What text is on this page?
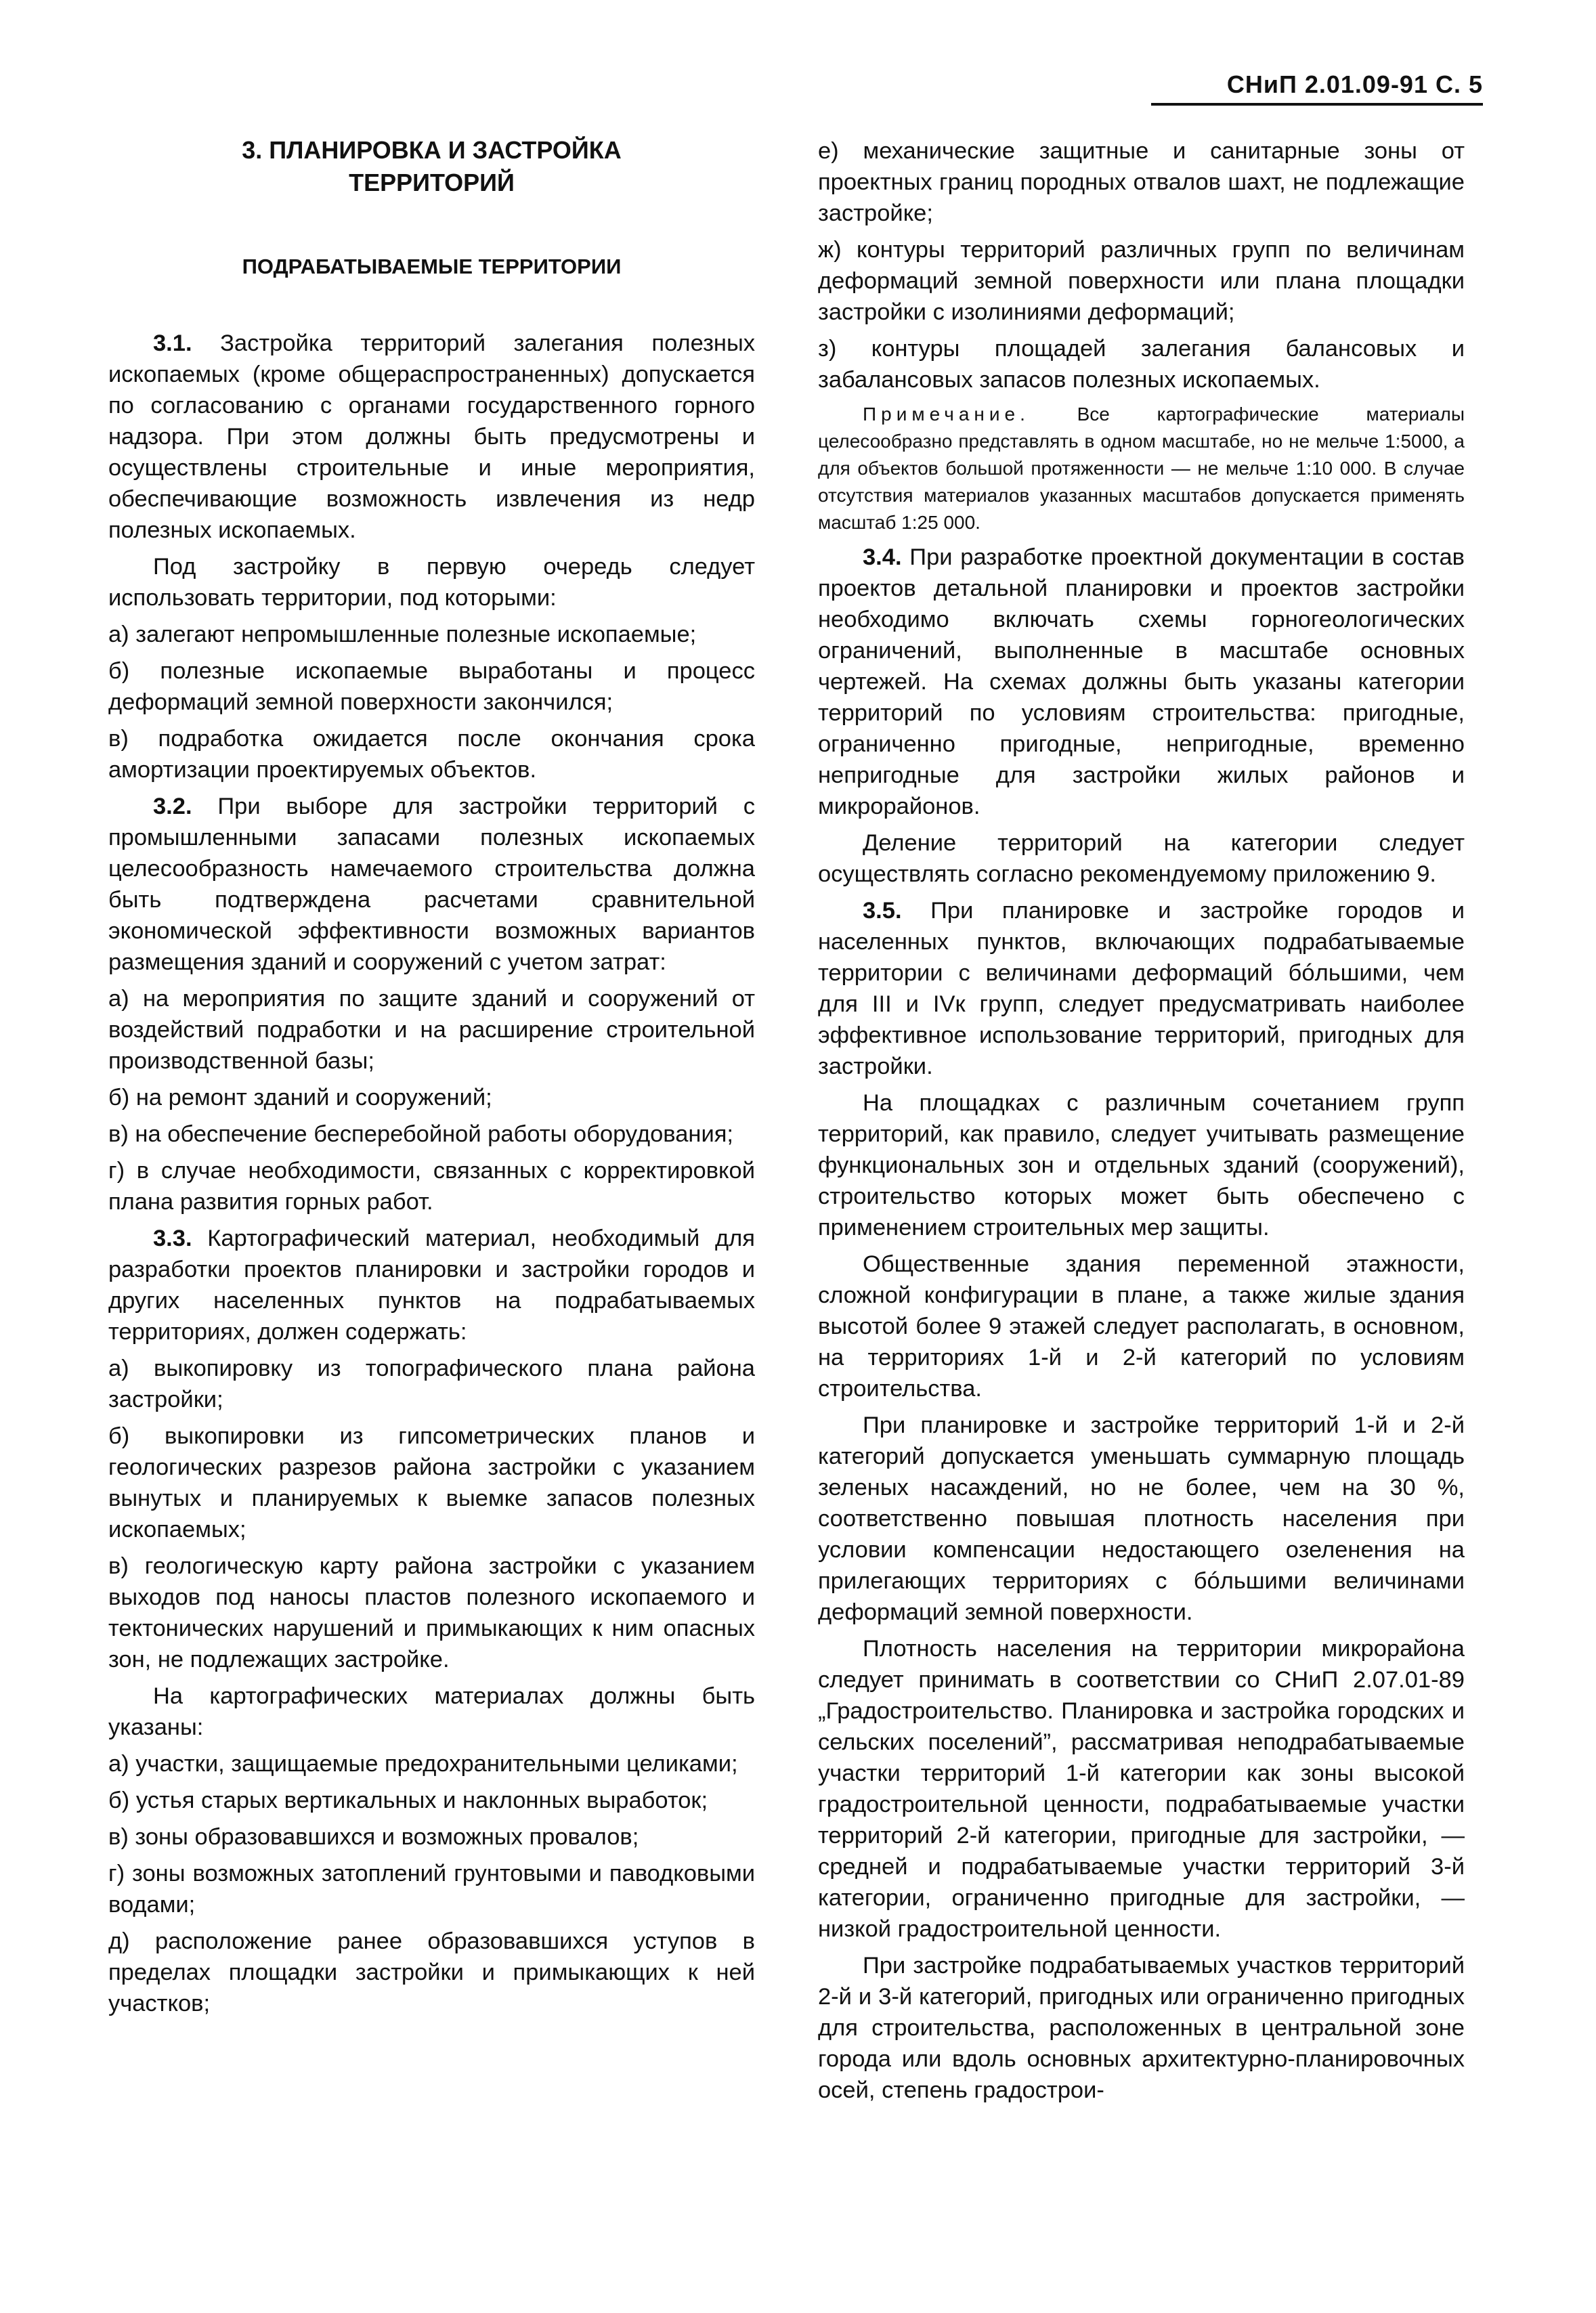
СНиП 2.01.09-91 С. 5
3. ПЛАНИРОВКА И ЗАСТРОЙКА ТЕРРИТОРИЙ
ПОДРАБАТЫВАЕМЫЕ ТЕРРИТОРИИ

3.1. Застройка территорий залегания полезных ископаемых (кроме общераспространенных) допускается по согласованию с органами государственного горного надзора. При этом должны быть предусмотрены и осуществлены строительные и иные мероприятия, обеспечивающие возможность извлечения из недр полезных ископаемых.

Под застройку в первую очередь следует использовать территории, под которыми:

а) залегают непромышленные полезные ископаемые;

б) полезные ископаемые выработаны и процесс деформаций земной поверхности закончился;

в) подработка ожидается после окончания срока амортизации проектируемых объектов.

3.2. При выборе для застройки территорий с промышленными запасами полезных ископаемых целесообразность намечаемого строительства должна быть подтверждена расчетами сравнительной экономической эффективности возможных вариантов размещения зданий и сооружений с учетом затрат:

а) на мероприятия по защите зданий и сооружений от воздействий подработки и на расширение строительной производственной базы;

б) на ремонт зданий и сооружений;

в) на обеспечение бесперебойной работы оборудования;

г) в случае необходимости, связанных с корректировкой плана развития горных работ.

3.3. Картографический материал, необходимый для разработки проектов планировки и застройки городов и других населенных пунктов на подрабатываемых территориях, должен содержать:

а) выкопировку из топографического плана района застройки;

б) выкопировки из гипсометрических планов и геологических разрезов района застройки с указанием вынутых и планируемых к выемке запасов полезных ископаемых;

в) геологическую карту района застройки с указанием выходов под наносы пластов полезного ископаемого и тектонических нарушений и примыкающих к ним опасных зон, не подлежащих застройке.

На картографических материалах должны быть указаны:

а) участки, защищаемые предохранительными целиками;

б) устья старых вертикальных и наклонных выработок;

в) зоны образовавшихся и возможных провалов;

г) зоны возможных затоплений грунтовыми и паводковыми водами;

д) расположение ранее образовавшихся уступов в пределах площадки застройки и примыкающих к ней участков;

е) механические защитные и санитарные зоны от проектных границ породных отвалов шахт, не подлежащие застройке;

ж) контуры территорий различных групп по величинам деформаций земной поверхности или плана площадки застройки с изолиниями деформаций;

з) контуры площадей залегания балансовых и забалансовых запасов полезных ископаемых.

Примечание. Все картографические материалы целесообразно представлять в одном масштабе, но не мельче 1:5000, а для объектов большой протяженности — не мельче 1:10 000. В случае отсутствия материалов указанных масштабов допускается применять масштаб 1:25 000.

3.4. При разработке проектной документации в состав проектов детальной планировки и проектов застройки необходимо включать схемы горногеологических ограничений, выполненные в масштабе основных чертежей. На схемах должны быть указаны категории территорий по условиям строительства: пригодные, ограниченно пригодные, непригодные, временно непригодные для застройки жилых районов и микрорайонов.

Деление территорий на категории следует осуществлять согласно рекомендуемому приложению 9.

3.5. При планировке и застройке городов и населенных пунктов, включающих подрабатываемые территории с величинами деформаций бóльшими, чем для III и IVк групп, следует предусматривать наиболее эффективное использование территорий, пригодных для застройки.

На площадках с различным сочетанием групп территорий, как правило, следует учитывать размещение функциональных зон и отдельных зданий (сооружений), строительство которых может быть обеспечено с применением строительных мер защиты.

Общественные здания переменной этажности, сложной конфигурации в плане, а также жилые здания высотой более 9 этажей следует располагать, в основном, на территориях 1-й и 2-й категорий по условиям строительства.

При планировке и застройке территорий 1-й и 2-й категорий допускается уменьшать суммарную площадь зеленых насаждений, но не более, чем на 30 %, соответственно повышая плотность населения при условии компенсации недостающего озеленения на прилегающих территориях с бóльшими величинами деформаций земной поверхности.

Плотность населения на территории микрорайона следует принимать в соответствии со СНиП 2.07.01-89 „Градостроительство. Планировка и застройка городских и сельских поселений”, рассматривая неподрабатываемые участки территорий 1-й категории как зоны высокой градостроительной ценности, подрабатываемые участки территорий 2-й категории, пригодные для застройки, — средней и подрабатываемые участки территорий 3-й категории, ограниченно пригодные для застройки, — низкой градостроительной ценности.

При застройке подрабатываемых участков территорий 2-й и 3-й категорий, пригодных или ограниченно пригодных для строительства, расположенных в центральной зоне города или вдоль основных архитектурно-планировочных осей, степень градострои-
